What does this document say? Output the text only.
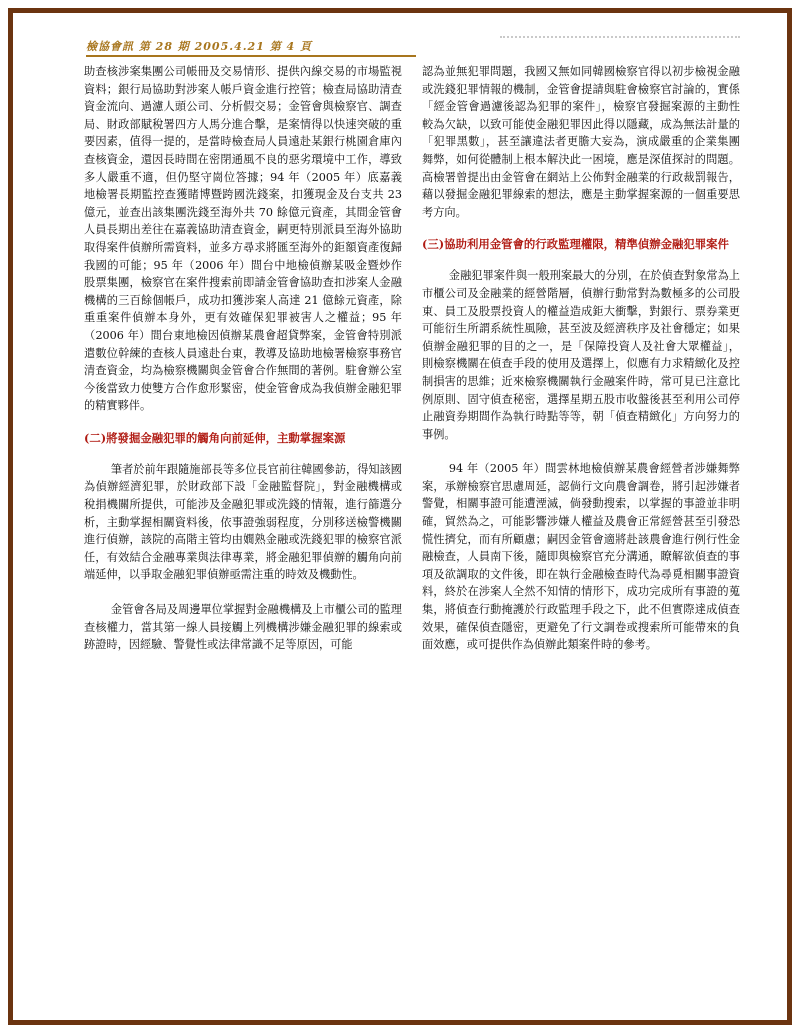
檢協會訊 第 28 期 2005.4.21 第 4 頁

助查核涉案集團公司帳冊及交易情形、提供內線交易的市場監視資料；銀行局協助對涉案人帳戶資金進行控管；檢查局協助清查資金流向、過濾人頭公司、分析假交易；金管會與檢察官、調查局、財政部賦稅署四方人馬分進合擊，是案情得以快速突破的重要因素，值得一提的，是當時檢查局人員遠赴某銀行桃園倉庫內查核資金，還因長時間在密閉通風不良的惡劣環境中工作，導致多人嚴重不適，但仍堅守崗位答據；94 年（2005 年）底嘉義地檢署長期監控查獲睹博暨跨國洗錢案，扣獲現金及台支共 23 億元，並查出該集團洗錢至海外共 70 餘億元資產，其間金管會人員長期出差往在嘉義協助清查資金，嗣更特別派員至海外協助取得案件偵辦所需資料，並多方尋求將匯至海外的鉅額資產復歸我國的可能；95 年（2006 年）間台中地檢偵辦某吸金暨炒作股票集團，檢察官在案件搜索前即請金管會協助查扣涉案人金融機構的三百餘個帳戶，成功扣獲涉案人高達 21 億餘元資產，除重重案件偵辦本身外，更有效確保犯罪被害人之權益；95 年（2006 年）間台東地檢因偵辦某農會超貸弊案，金管會特別派遣數位幹練的查核人員遠赴台東，教導及協助地檢署檢察事務官清查資金，均為檢察機關與金管會合作無間的著例。駐會辦公室今後當致力使雙方合作愈形緊密，使金管會成為我偵辦金融犯罪的精實夥伴。

(二)將發掘金融犯罪的觸角向前延伸，主動掌握案源

筆者於前年跟隨施部長等多位長官前往韓國參訪，得知該國為偵辦經濟犯罪，於財政部下設「金融監督院」，對金融機構或稅捐機關所提供，可能涉及金融犯罪或洗錢的情報，進行篩選分析，主動掌握相關資料後，依事證強弱程度，分別移送檢警機關進行偵辦，該院的高階主管均由嫺熟金融或洗錢犯罪的檢察官派任，有效結合金融專業與法律專業，將金融犯罪偵辦的觸角向前端延伸，以爭取金融犯罪偵辦亟需注重的時效及機動性。

金管會各局及周邊單位掌握對金融機構及上市櫃公司的監理查核權力，當其第一線人員接觸上列機構涉嫌金融犯罪的線索或跡證時，因經驗、警覺性或法律常識不足等原因，可能

認為並無犯罪問題，我國又無如同韓國檢察官得以初步檢視金融或洗錢犯罪情報的機制，金管會提請與駐會檢察官討論的，實係「經金管會過濾後認為犯罪的案件」，檢察官發掘案源的主動性較為欠缺，以致可能使金融犯罪因此得以隱藏，成為無法計量的「犯罪黑數」，甚至讓違法者更膽大妄為，演成嚴重的企業集團舞弊，如何從體制上根本解決此一困境，應是深值探討的問題。高檢署曾提出由金管會在網站上公佈對金融業的行政裁罰報告，藉以發掘金融犯罪線索的想法，應是主動掌握案源的一個重要思考方向。

(三)協助利用金管會的行政監理權限，精準偵辦金融犯罪案件

金融犯罪案件與一般刑案最大的分別，在於偵查對象常為上市櫃公司及金融業的經營階層，偵辦行動常對為數極多的公司股東、員工及股票投資人的權益造成鉅大衝擊，對銀行、票券業更可能衍生所謂系統性風險，甚至波及經濟秩序及社會穩定；如果偵辦金融犯罪的目的之一，是「保障投資人及社會大眾權益」，則檢察機關在偵查手段的使用及選擇上，似應有力求精緻化及控制損害的思維；近來檢察機關執行金融案件時，常可見已注意比例原則、固守偵查秘密，選擇星期五股市收盤後甚至利用公司停止融資券期間作為執行時點等等，朝「偵查精緻化」方向努力的事例。

94 年（2005 年）間雲林地檢偵辦某農會經營者涉嫌舞弊案，承辦檢察官思慮周延，認倘行文向農會調卷，將引起涉嫌者警覺，相關事證可能遭湮滅，倘發動搜索，以掌握的事證並非明確，貿然為之，可能影響涉嫌人權益及農會正常經營甚至引發恐慌性擠兌，而有所顧慮；嗣因金管會適將赴該農會進行例行性金融檢查，人員南下後，隨即與檢察官充分溝通，瞭解欲偵查的事項及欲調取的文件後，即在執行金融檢查時代為尋覓相關事證資料，終於在涉案人全然不知情的情形下，成功完成所有事證的蒐集，將偵查行動掩護於行政監理手段之下，此不但實際達成偵查效果，確保偵查隱密，更避免了行文調卷或搜索所可能帶來的負面效應，或可提供作為偵辦此類案件時的參考。
